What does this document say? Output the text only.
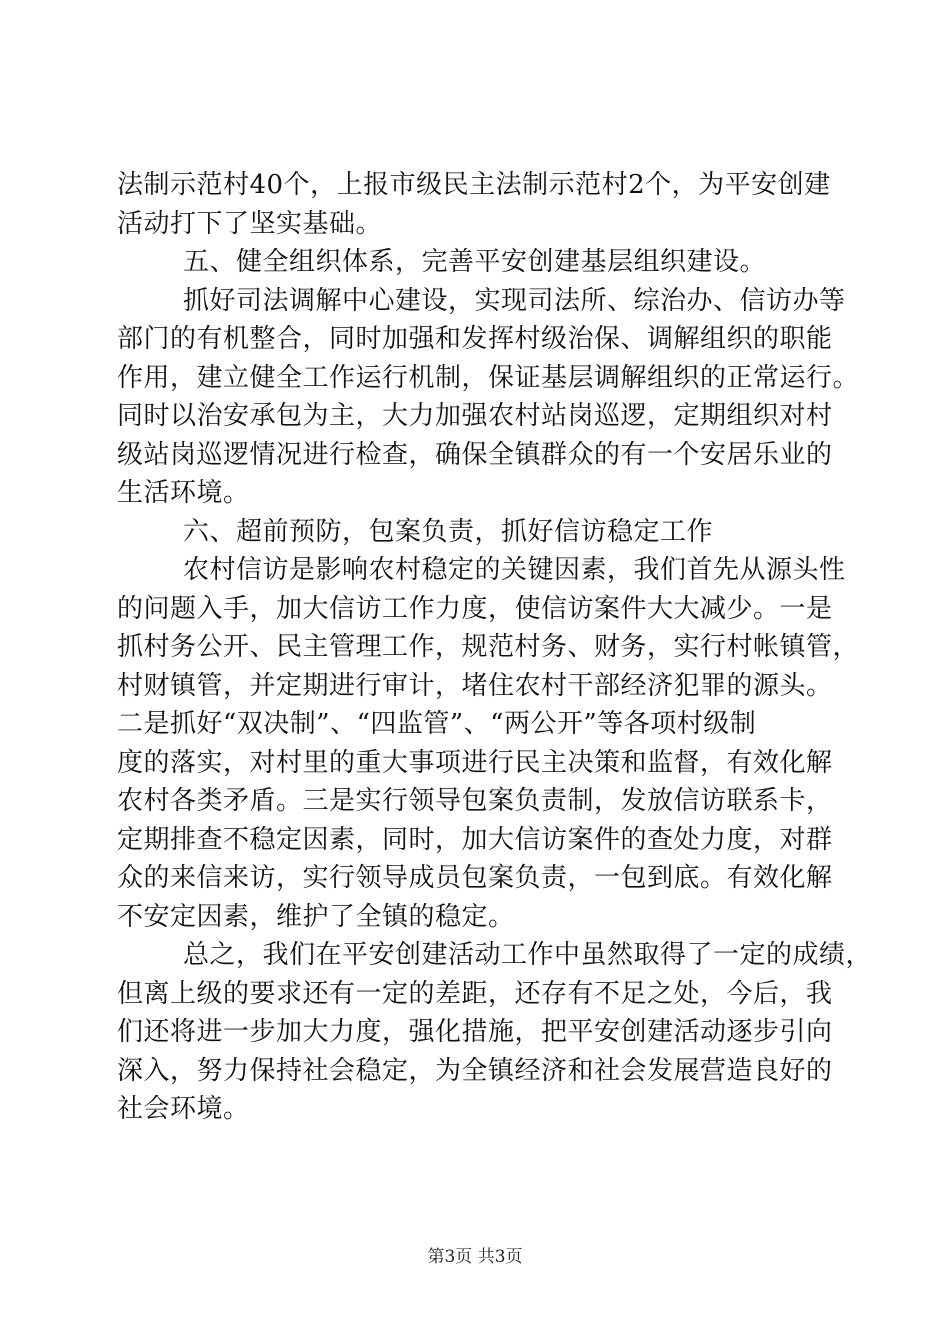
法制示范村40个，上报市级民主法制示范村2个，为平安创建
活动打下了坚实基础。
五、健全组织体系，完善平安创建基层组织建设。
抓好司法调解中心建设，实现司法所、综治办、信访办等
部门的有机整合，同时加强和发挥村级治保、调解组织的职能
作用，建立健全工作运行机制，保证基层调解组织的正常运行。
同时以治安承包为主，大力加强农村站岗巡逻，定期组织对村
级站岗巡逻情况进行检查，确保全镇群众的有一个安居乐业的
生活环境。
六、超前预防，包案负责，抓好信访稳定工作
农村信访是影响农村稳定的关键因素，我们首先从源头性
的问题入手，加大信访工作力度，使信访案件大大减少。一是
抓村务公开、民主管理工作，规范村务、财务，实行村帐镇管，
村财镇管，并定期进行审计，堵住农村干部经济犯罪的源头。
二是抓好“双决制”、“四监管”、“两公开”等各项村级制
度的落实，对村里的重大事项进行民主决策和监督，有效化解
农村各类矛盾。三是实行领导包案负责制，发放信访联系卡，
定期排查不稳定因素，同时，加大信访案件的查处力度，对群
众的来信来访，实行领导成员包案负责，一包到底。有效化解
不安定因素，维护了全镇的稳定。
总之，我们在平安创建活动工作中虽然取得了一定的成绩，
但离上级的要求还有一定的差距，还存有不足之处，今后，我
们还将进一步加大力度，强化措施，把平安创建活动逐步引向
深入，努力保持社会稳定，为全镇经济和社会发展营造良好的
社会环境。
第3页 共3页
